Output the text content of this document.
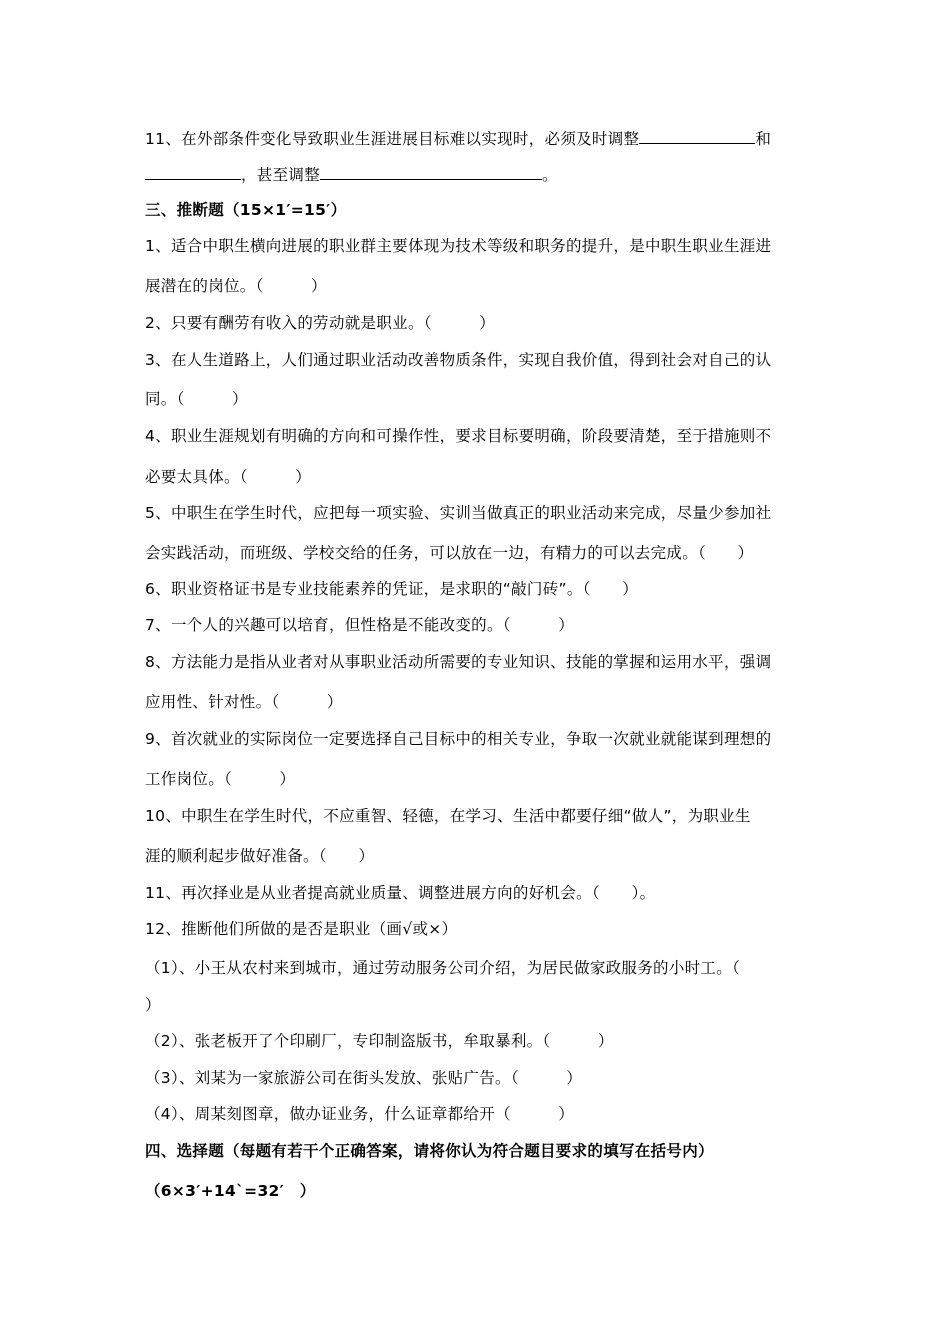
11、在外部条件变化导致职业生涯进展目标难以实现时，必须及时调整	和
，甚至调整	。
三、推断题（15×1′=15′）
1、适合中职生横向进展的职业群主要体现为技术等级和职务的提升，是中职生职业生涯进
展潜在的岗位。（　　　）
2、只要有酬劳有收入的劳动就是职业。（　　　）
3、在人生道路上，人们通过职业活动改善物质条件，实现自我价值，得到社会对自己的认
同。（　　　）
4、职业生涯规划有明确的方向和可操作性，要求目标要明确，阶段要清楚，至于措施则不
必要太具体。（　　　）
5、中职生在学生时代，应把每一项实验、实训当做真正的职业活动来完成，尽量少参加社
会实践活动，而班级、学校交给的任务，可以放在一边，有精力的可以去完成。（　　）
6、职业资格证书是专业技能素养的凭证，是求职的“敲门砖”。（　　）
7、一个人的兴趣可以培育，但性格是不能改变的。（　　　）
8、方法能力是指从业者对从事职业活动所需要的专业知识、技能的掌握和运用水平，强调
应用性、针对性。（　　　）
9、首次就业的实际岗位一定要选择自己目标中的相关专业，争取一次就业就能谋到理想的
工作岗位。（　　　）
10、中职生在学生时代，不应重智、轻德，在学习、生活中都要仔细“做人”，为职业生
涯的顺利起步做好准备。（　　）
11、再次择业是从业者提高就业质量、调整进展方向的好机会。（　　）。
12、推断他们所做的是否是职业（画√或×）
（1）、小王从农村来到城市，通过劳动服务公司介绍，为居民做家政服务的小时工。（
）
（2）、张老板开了个印刷厂，专印制盗版书，牟取暴利。（　　　）
（3）、刘某为一家旅游公司在街头发放、张贴广告。（　　　）
（4）、周某刻图章，做办证业务，什么证章都给开（　　　）
四、选择题（每题有若干个正确答案，请将你认为符合题目要求的填写在括号内）
（6×3′+14`=32′　）
